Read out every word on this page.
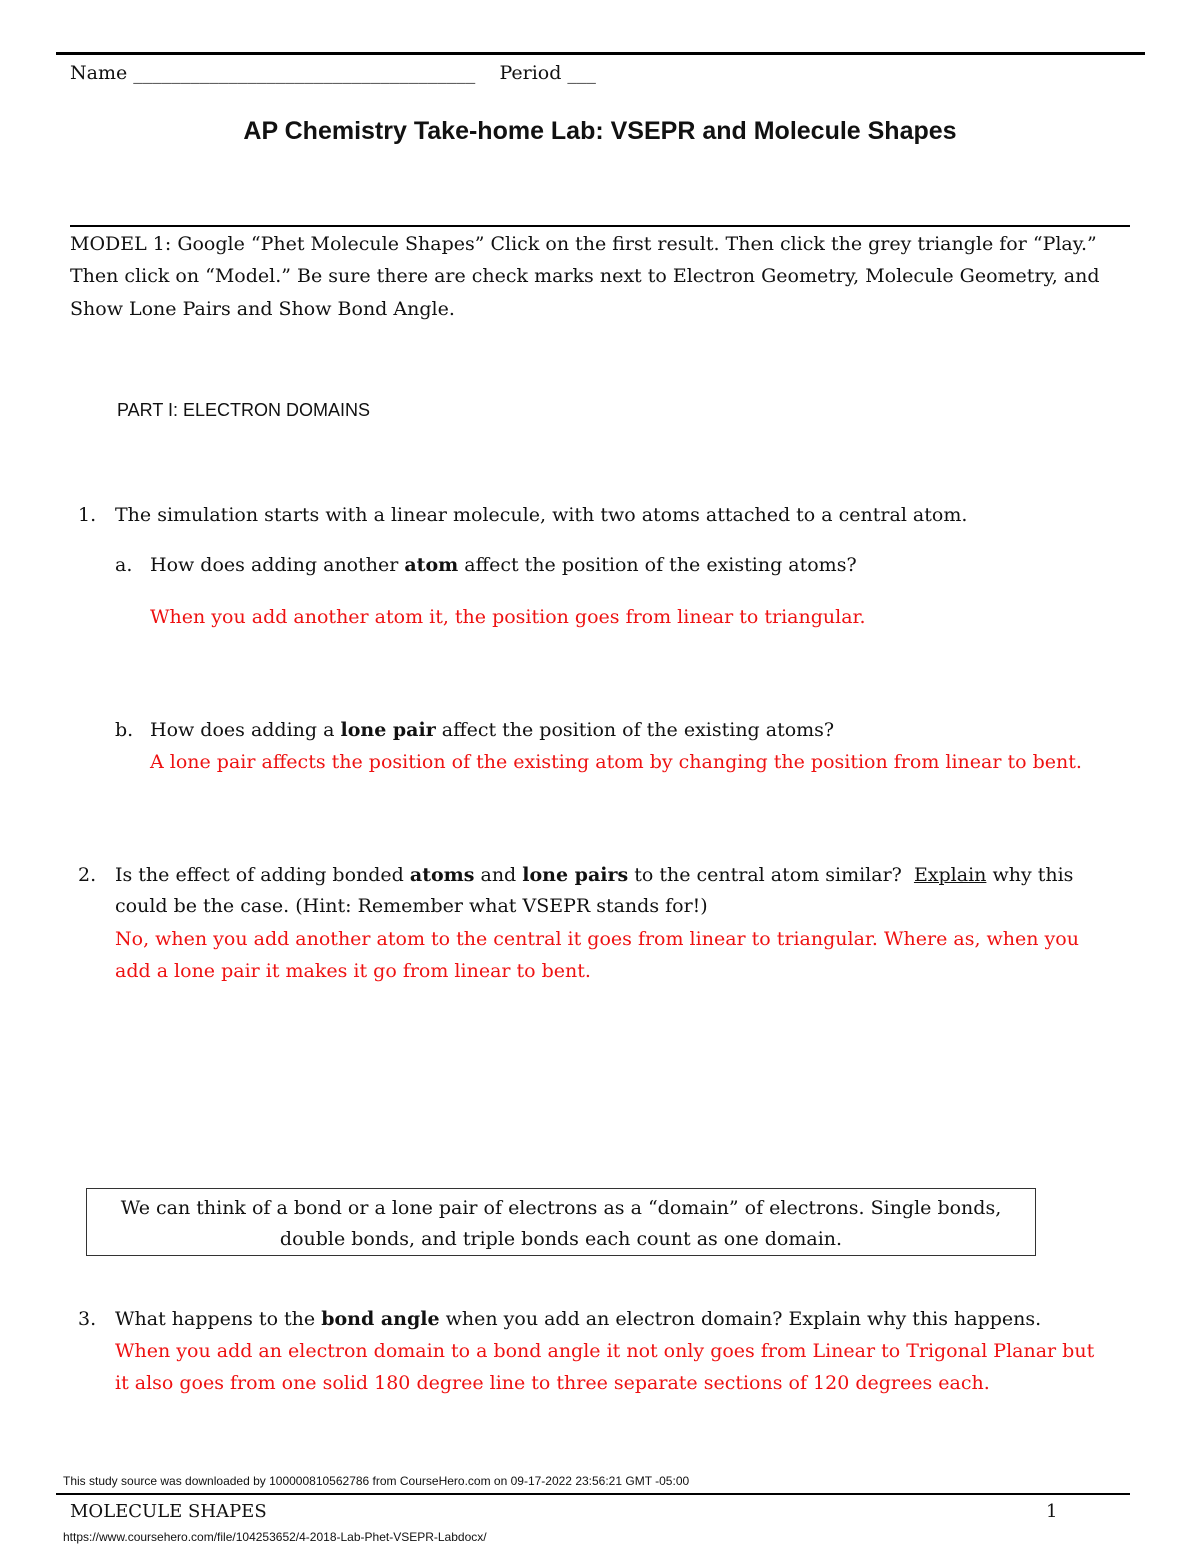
Name ____________________________________ Period ___
AP Chemistry Take-home Lab: VSEPR and Molecule Shapes
MODEL 1: Google “Phet Molecule Shapes” Click on the first result. Then click the grey triangle for “Play.”
Then click on “Model.” Be sure there are check marks next to Electron Geometry, Molecule Geometry, and
Show Lone Pairs and Show Bond Angle.
PART I: ELECTRON DOMAINS
1. The simulation starts with a linear molecule, with two atoms attached to a central atom.
a. How does adding another atom affect the position of the existing atoms?
When you add another atom it, the position goes from linear to triangular.
b. How does adding a lone pair affect the position of the existing atoms?
A lone pair affects the position of the existing atom by changing the position from linear to bent.
2. Is the effect of adding bonded atoms and lone pairs to the central atom similar?  Explain why this
could be the case. (Hint: Remember what VSEPR stands for!)
No, when you add another atom to the central it goes from linear to triangular. Where as, when you
add a lone pair it makes it go from linear to bent.
We can think of a bond or a lone pair of electrons as a “domain” of electrons. Single bonds,
double bonds, and triple bonds each count as one domain.
3. What happens to the bond angle when you add an electron domain? Explain why this happens.
When you add an electron domain to a bond angle it not only goes from Linear to Trigonal Planar but
it also goes from one solid 180 degree line to three separate sections of 120 degrees each.
This study source was downloaded by 100000810562786 from CourseHero.com on 09-17-2022 23:56:21 GMT -05:00
MOLECULE SHAPES	1
https://www.coursehero.com/file/104253652/4-2018-Lab-Phet-VSEPR-Labdocx/
